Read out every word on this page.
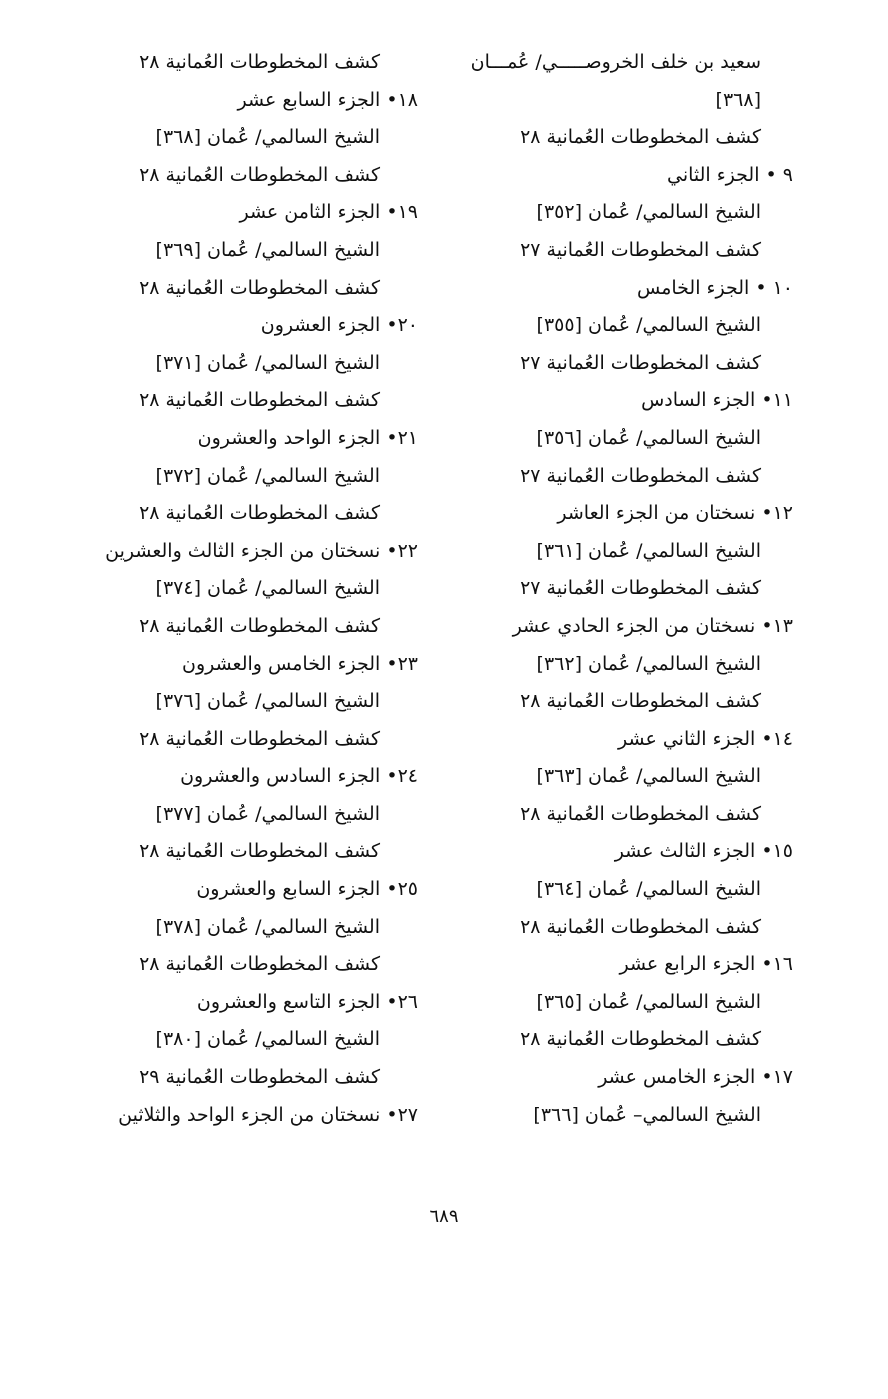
سعيد بن خلف الخروصـــــي/ عُمـــان
[٣٦٨]
كشف المخطوطات العُمانية ٢٨
٩ • الجزء الثاني
الشيخ السالمي/ عُمان [٣٥٢]
كشف المخطوطات العُمانية ٢٧
١٠ • الجزء الخامس
الشيخ السالمي/ عُمان [٣٥٥]
كشف المخطوطات العُمانية ٢٧
١١• الجزء السادس
الشيخ السالمي/ عُمان [٣٥٦]
كشف المخطوطات العُمانية ٢٧
١٢• نسختان من الجزء العاشر
الشيخ السالمي/ عُمان [٣٦١]
كشف المخطوطات العُمانية ٢٧
١٣• نسختان من الجزء الحادي عشر
الشيخ السالمي/ عُمان [٣٦٢]
كشف المخطوطات العُمانية ٢٨
١٤• الجزء الثاني عشر
الشيخ السالمي/ عُمان [٣٦٣]
كشف المخطوطات العُمانية ٢٨
١٥• الجزء الثالث عشر
الشيخ السالمي/ عُمان [٣٦٤]
كشف المخطوطات العُمانية ٢٨
١٦• الجزء الرابع عشر
الشيخ السالمي/ عُمان [٣٦٥]
كشف المخطوطات العُمانية ٢٨
١٧• الجزء الخامس عشر
الشيخ السالمي– عُمان [٣٦٦]
كشف المخطوطات العُمانية ٢٨
١٨• الجزء السابع عشر
الشيخ السالمي/ عُمان [٣٦٨]
كشف المخطوطات العُمانية ٢٨
١٩• الجزء الثامن عشر
الشيخ السالمي/ عُمان [٣٦٩]
كشف المخطوطات العُمانية ٢٨
٢٠• الجزء العشرون
الشيخ السالمي/ عُمان [٣٧١]
كشف المخطوطات العُمانية ٢٨
٢١• الجزء الواحد والعشرون
الشيخ السالمي/ عُمان [٣٧٢]
كشف المخطوطات العُمانية ٢٨
٢٢• نسختان من الجزء الثالث والعشرين
الشيخ السالمي/ عُمان [٣٧٤]
كشف المخطوطات العُمانية ٢٨
٢٣• الجزء الخامس والعشرون
الشيخ السالمي/ عُمان [٣٧٦]
كشف المخطوطات العُمانية ٢٨
٢٤• الجزء السادس والعشرون
الشيخ السالمي/ عُمان [٣٧٧]
كشف المخطوطات العُمانية ٢٨
٢٥• الجزء السابع والعشرون
الشيخ السالمي/ عُمان [٣٧٨]
كشف المخطوطات العُمانية ٢٨
٢٦• الجزء التاسع والعشرون
الشيخ السالمي/ عُمان [٣٨٠]
كشف المخطوطات العُمانية ٢٩
٢٧• نسختان من الجزء الواحد والثلاثين
٦٨٩
